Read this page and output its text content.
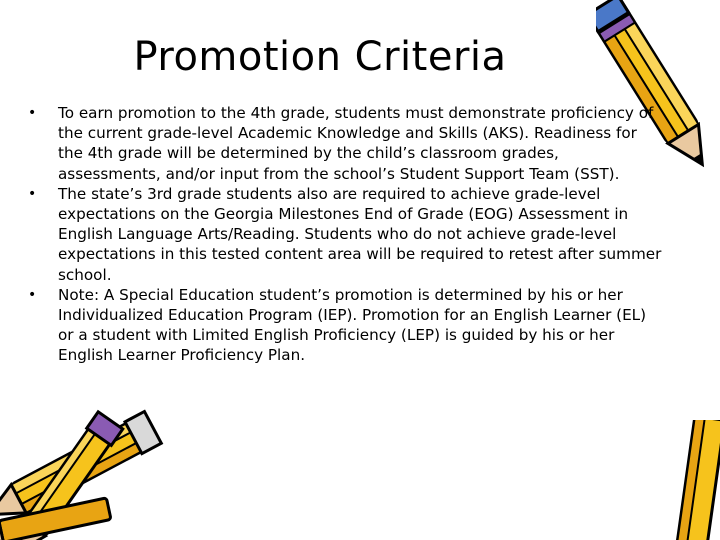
Promotion Criteria
• To earn promotion to the 4th grade, students must demonstrate proficiency of the current grade-level Academic Knowledge and Skills (AKS). Readiness for the 4th grade will be determined by the child’s classroom grades, assessments, and/or input from the school’s Student Support Team (SST).
• The state’s 3rd grade students also are required to achieve grade-level expectations on the Georgia Milestones End of Grade (EOG) Assessment in English Language Arts/Reading. Students who do not achieve grade-level expectations in this tested content area will be required to retest after summer school.
• Note: A Special Education student’s promotion is determined by his or her Individualized Education Program (IEP). Promotion for an English Learner (EL) or a student with Limited English Proficiency (LEP) is guided by his or her English Learner Proficiency Plan.
